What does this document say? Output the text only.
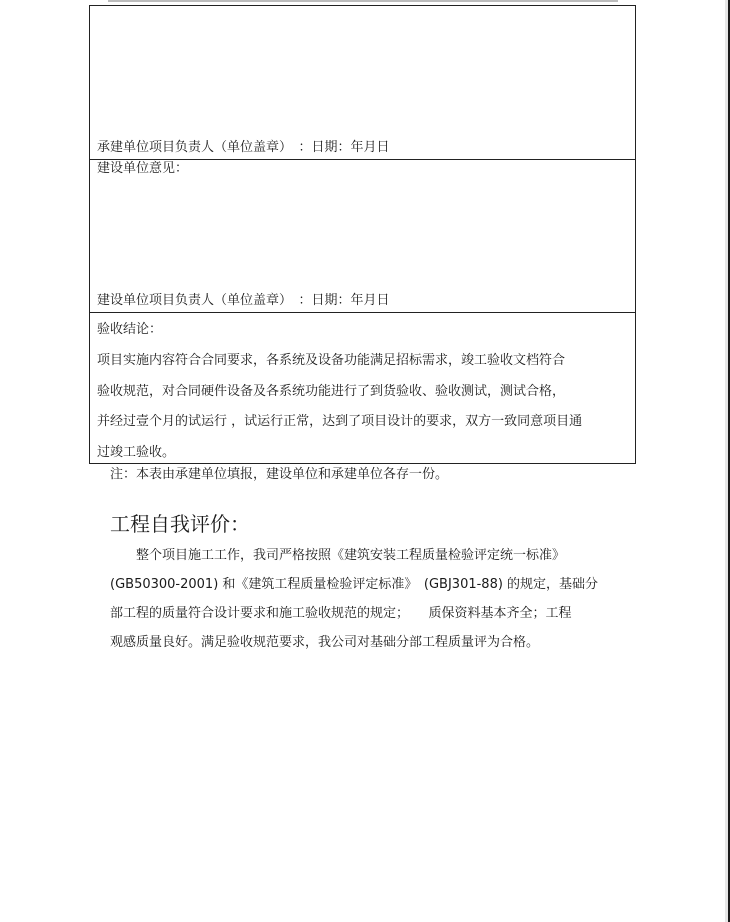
承建单位项目负责人（单位盖章）　：日期：年月日
建设单位意见：
建设单位项目负责人（单位盖章）　：日期：年月日
验收结论：
项目实施内容符合合同要求，各系统及设备功能满足招标需求，竣工验收文档符合
验收规范，对合同硬件设备及各系统功能进行了到货验收、验收测试，测试合格，
并经过壹个月的试运行 ，试运行正常，达到了项目设计的要求，双方一致同意项目通
过竣工验收。
注：本表由承建单位填报，建设单位和承建单位各存一份。
工程自我评价：
整个项目施工工作，我司严格按照《建筑安装工程质量检验评定统一标准》
(GB50300-2001) 和《建筑工程质量检验评定标准》　(GBJ301-88) 的规定，基础分
部工程的质量符合设计要求和施工验收规范的规定；　　质保资料基本齐全；工程
观感质量良好。满足验收规范要求，我公司对基础分部工程质量评为合格。
